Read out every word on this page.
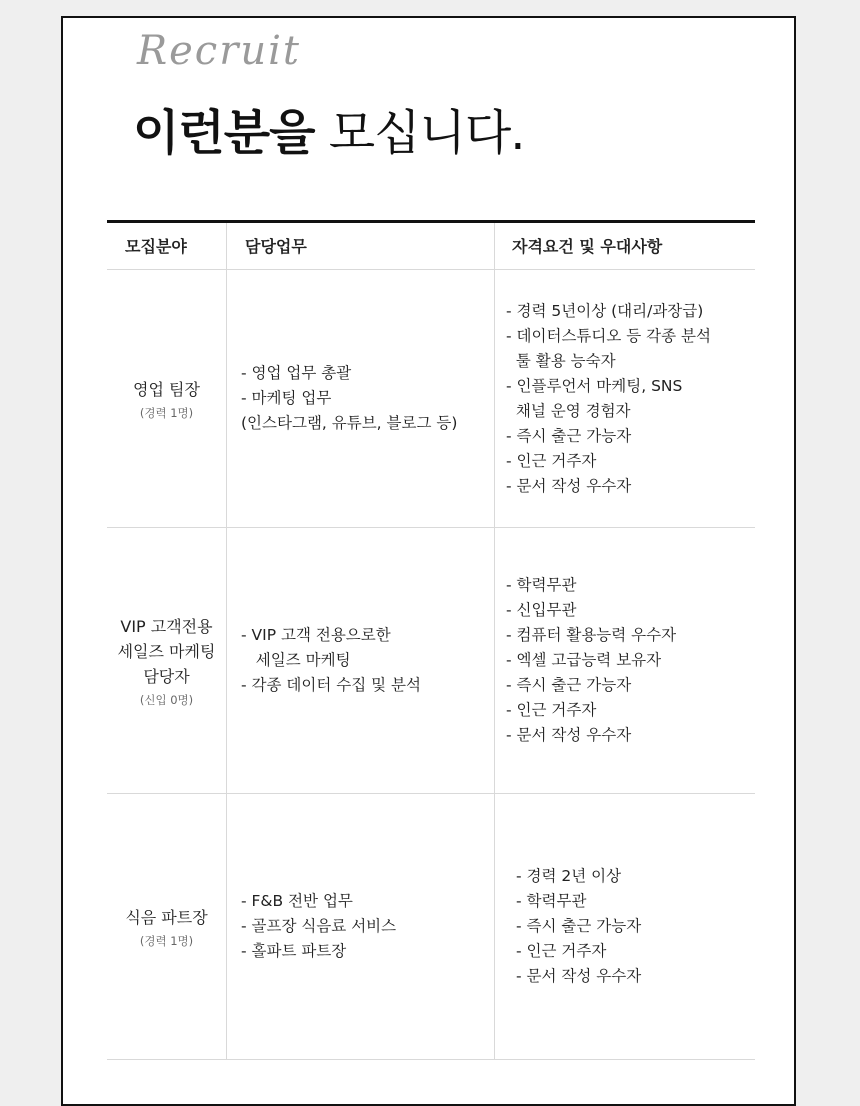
Recruit
이런분을 모십니다.
모집분야	담당업무	자격요건 및 우대사항
영업 팀장
(경력 1명)
- 영업 업무 총괄
- 마케팅 업무
(인스타그램, 유튜브, 블로그 등)
- 경력 5년이상 (대리/과장급)
- 데이터스튜디오 등 각종 분석
툴 활용 능숙자
- 인플루언서 마케팅, SNS
채널 운영 경험자
- 즉시 출근 가능자
- 인근 거주자
- 문서 작성 우수자
VIP 고객전용
세일즈 마케팅
담당자
(신입 0명)
- VIP 고객 전용으로한
세일즈 마케팅
- 각종 데이터 수집 및 분석
- 학력무관
- 신입무관
- 컴퓨터 활용능력 우수자
- 엑셀 고급능력 보유자
- 즉시 출근 가능자
- 인근 거주자
- 문서 작성 우수자
식음 파트장
(경력 1명)
- F&B 전반 업무
- 골프장 식음료 서비스
- 홀파트 파트장
- 경력 2년 이상
- 학력무관
- 즉시 출근 가능자
- 인근 거주자
- 문서 작성 우수자
